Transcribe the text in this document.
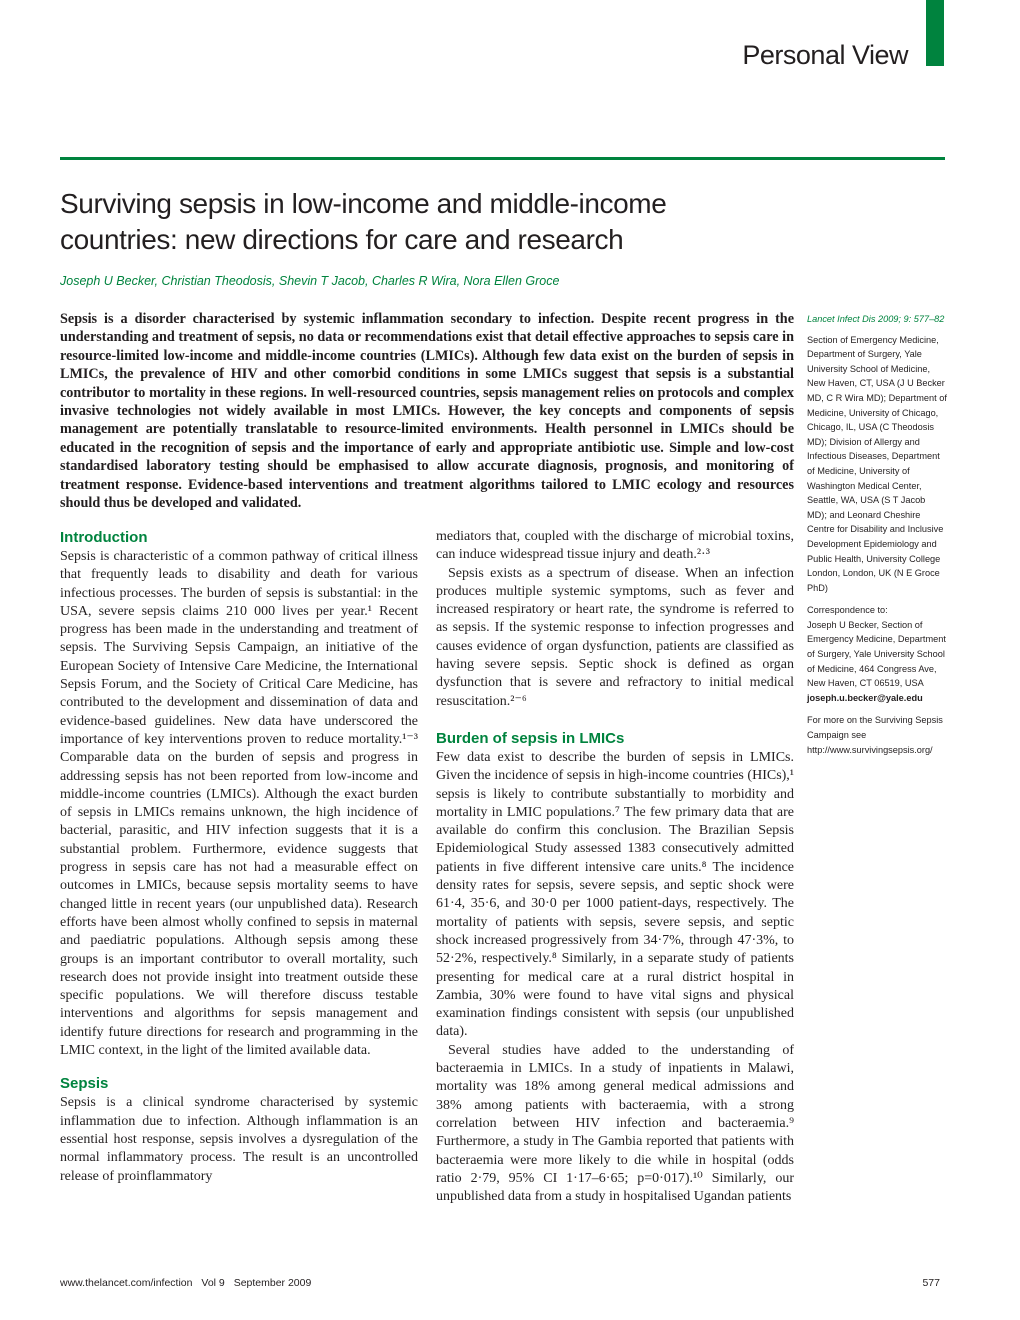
Personal View
Surviving sepsis in low-income and middle-income countries: new directions for care and research
Joseph U Becker, Christian Theodosis, Shevin T Jacob, Charles R Wira, Nora Ellen Groce

Sepsis is a disorder characterised by systemic inflammation secondary to infection. Despite recent progress in the understanding and treatment of sepsis, no data or recommendations exist that detail effective approaches to sepsis care in resource-limited low-income and middle-income countries (LMICs). Although few data exist on the burden of sepsis in LMICs, the prevalence of HIV and other comorbid conditions in some LMICs suggest that sepsis is a substantial contributor to mortality in these regions. In well-resourced countries, sepsis management relies on protocols and complex invasive technologies not widely available in most LMICs. However, the key concepts and components of sepsis management are potentially translatable to resource-limited environments. Health personnel in LMICs should be educated in the recognition of sepsis and the importance of early and appropriate antibiotic use. Simple and low-cost standardised laboratory testing should be emphasised to allow accurate diagnosis, prognosis, and monitoring of treatment response. Evidence-based interventions and treatment algorithms tailored to LMIC ecology and resources should thus be developed and validated.

Introduction

Sepsis is characteristic of a common pathway of critical illness that frequently leads to disability and death for various infectious processes. The burden of sepsis is substantial: in the USA, severe sepsis claims 210 000 lives per year.¹ Recent progress has been made in the understanding and treatment of sepsis. The Surviving Sepsis Campaign, an initiative of the European Society of Intensive Care Medicine, the International Sepsis Forum, and the Society of Critical Care Medicine, has contributed to the development and dissemination of data and evidence-based guidelines. New data have underscored the importance of key interventions proven to reduce mortality.¹⁻³ Comparable data on the burden of sepsis and progress in addressing sepsis has not been reported from low-income and middle-income countries (LMICs). Although the exact burden of sepsis in LMICs remains unknown, the high incidence of bacterial, parasitic, and HIV infection suggests that it is a substantial problem. Furthermore, evidence suggests that progress in sepsis care has not had a measurable effect on outcomes in LMICs, because sepsis mortality seems to have changed little in recent years (our unpublished data). Research efforts have been almost wholly confined to sepsis in maternal and paediatric populations. Although sepsis among these groups is an important contributor to overall mortality, such research does not provide insight into treatment outside these specific populations. We will therefore discuss testable interventions and algorithms for sepsis management and identify future directions for research and programming in the LMIC context, in the light of the limited available data.

Sepsis

Sepsis is a clinical syndrome characterised by systemic inflammation due to infection. Although inflammation is an essential host response, sepsis involves a dysregulation of the normal inflammatory process. The result is an uncontrolled release of proinflammatory

mediators that, coupled with the discharge of microbial toxins, can induce widespread tissue injury and death.²·³

Sepsis exists as a spectrum of disease. When an infection produces multiple systemic symptoms, such as fever and increased respiratory or heart rate, the syndrome is referred to as sepsis. If the systemic response to infection progresses and causes evidence of organ dysfunction, patients are classified as having severe sepsis. Septic shock is defined as organ dysfunction that is severe and refractory to initial medical resuscitation.²⁻⁶

Burden of sepsis in LMICs

Few data exist to describe the burden of sepsis in LMICs. Given the incidence of sepsis in high-income countries (HICs),¹ sepsis is likely to contribute substantially to morbidity and mortality in LMIC populations.⁷ The few primary data that are available do confirm this conclusion. The Brazilian Sepsis Epidemiological Study assessed 1383 consecutively admitted patients in five different intensive care units.⁸ The incidence density rates for sepsis, severe sepsis, and septic shock were 61·4, 35·6, and 30·0 per 1000 patient-days, respectively. The mortality of patients with sepsis, severe sepsis, and septic shock increased progressively from 34·7%, through 47·3%, to 52·2%, respectively.⁸ Similarly, in a separate study of patients presenting for medical care at a rural district hospital in Zambia, 30% were found to have vital signs and physical examination findings consistent with sepsis (our unpublished data).

Several studies have added to the understanding of bacteraemia in LMICs. In a study of inpatients in Malawi, mortality was 18% among general medical admissions and 38% among patients with bacteraemia, with a strong correlation between HIV infection and bacteraemia.⁹ Furthermore, a study in The Gambia reported that patients with bacteraemia were more likely to die while in hospital (odds ratio 2·79, 95% CI 1·17–6·65; p=0·017).¹⁰ Similarly, our unpublished data from a study in hospitalised Ugandan patients

Lancet Infect Dis 2009; 9: 577–82

Section of Emergency Medicine, Department of Surgery, Yale University School of Medicine, New Haven, CT, USA (J U Becker MD, C R Wira MD); Department of Medicine, University of Chicago, Chicago, IL, USA (C Theodosis MD); Division of Allergy and Infectious Diseases, Department of Medicine, University of Washington Medical Center, Seattle, WA, USA (S T Jacob MD); and Leonard Cheshire Centre for Disability and Inclusive Development Epidemiology and Public Health, University College London, London, UK (N E Groce PhD)

Correspondence to:

Joseph U Becker, Section of Emergency Medicine, Department of Surgery, Yale University School of Medicine, 464 Congress Ave, New Haven, CT 06519, USA

joseph.u.becker@yale.edu

For more on the Surviving Sepsis Campaign see http://www.survivingsepsis.org/

www.thelancet.com/infection Vol 9 September 2009	577
